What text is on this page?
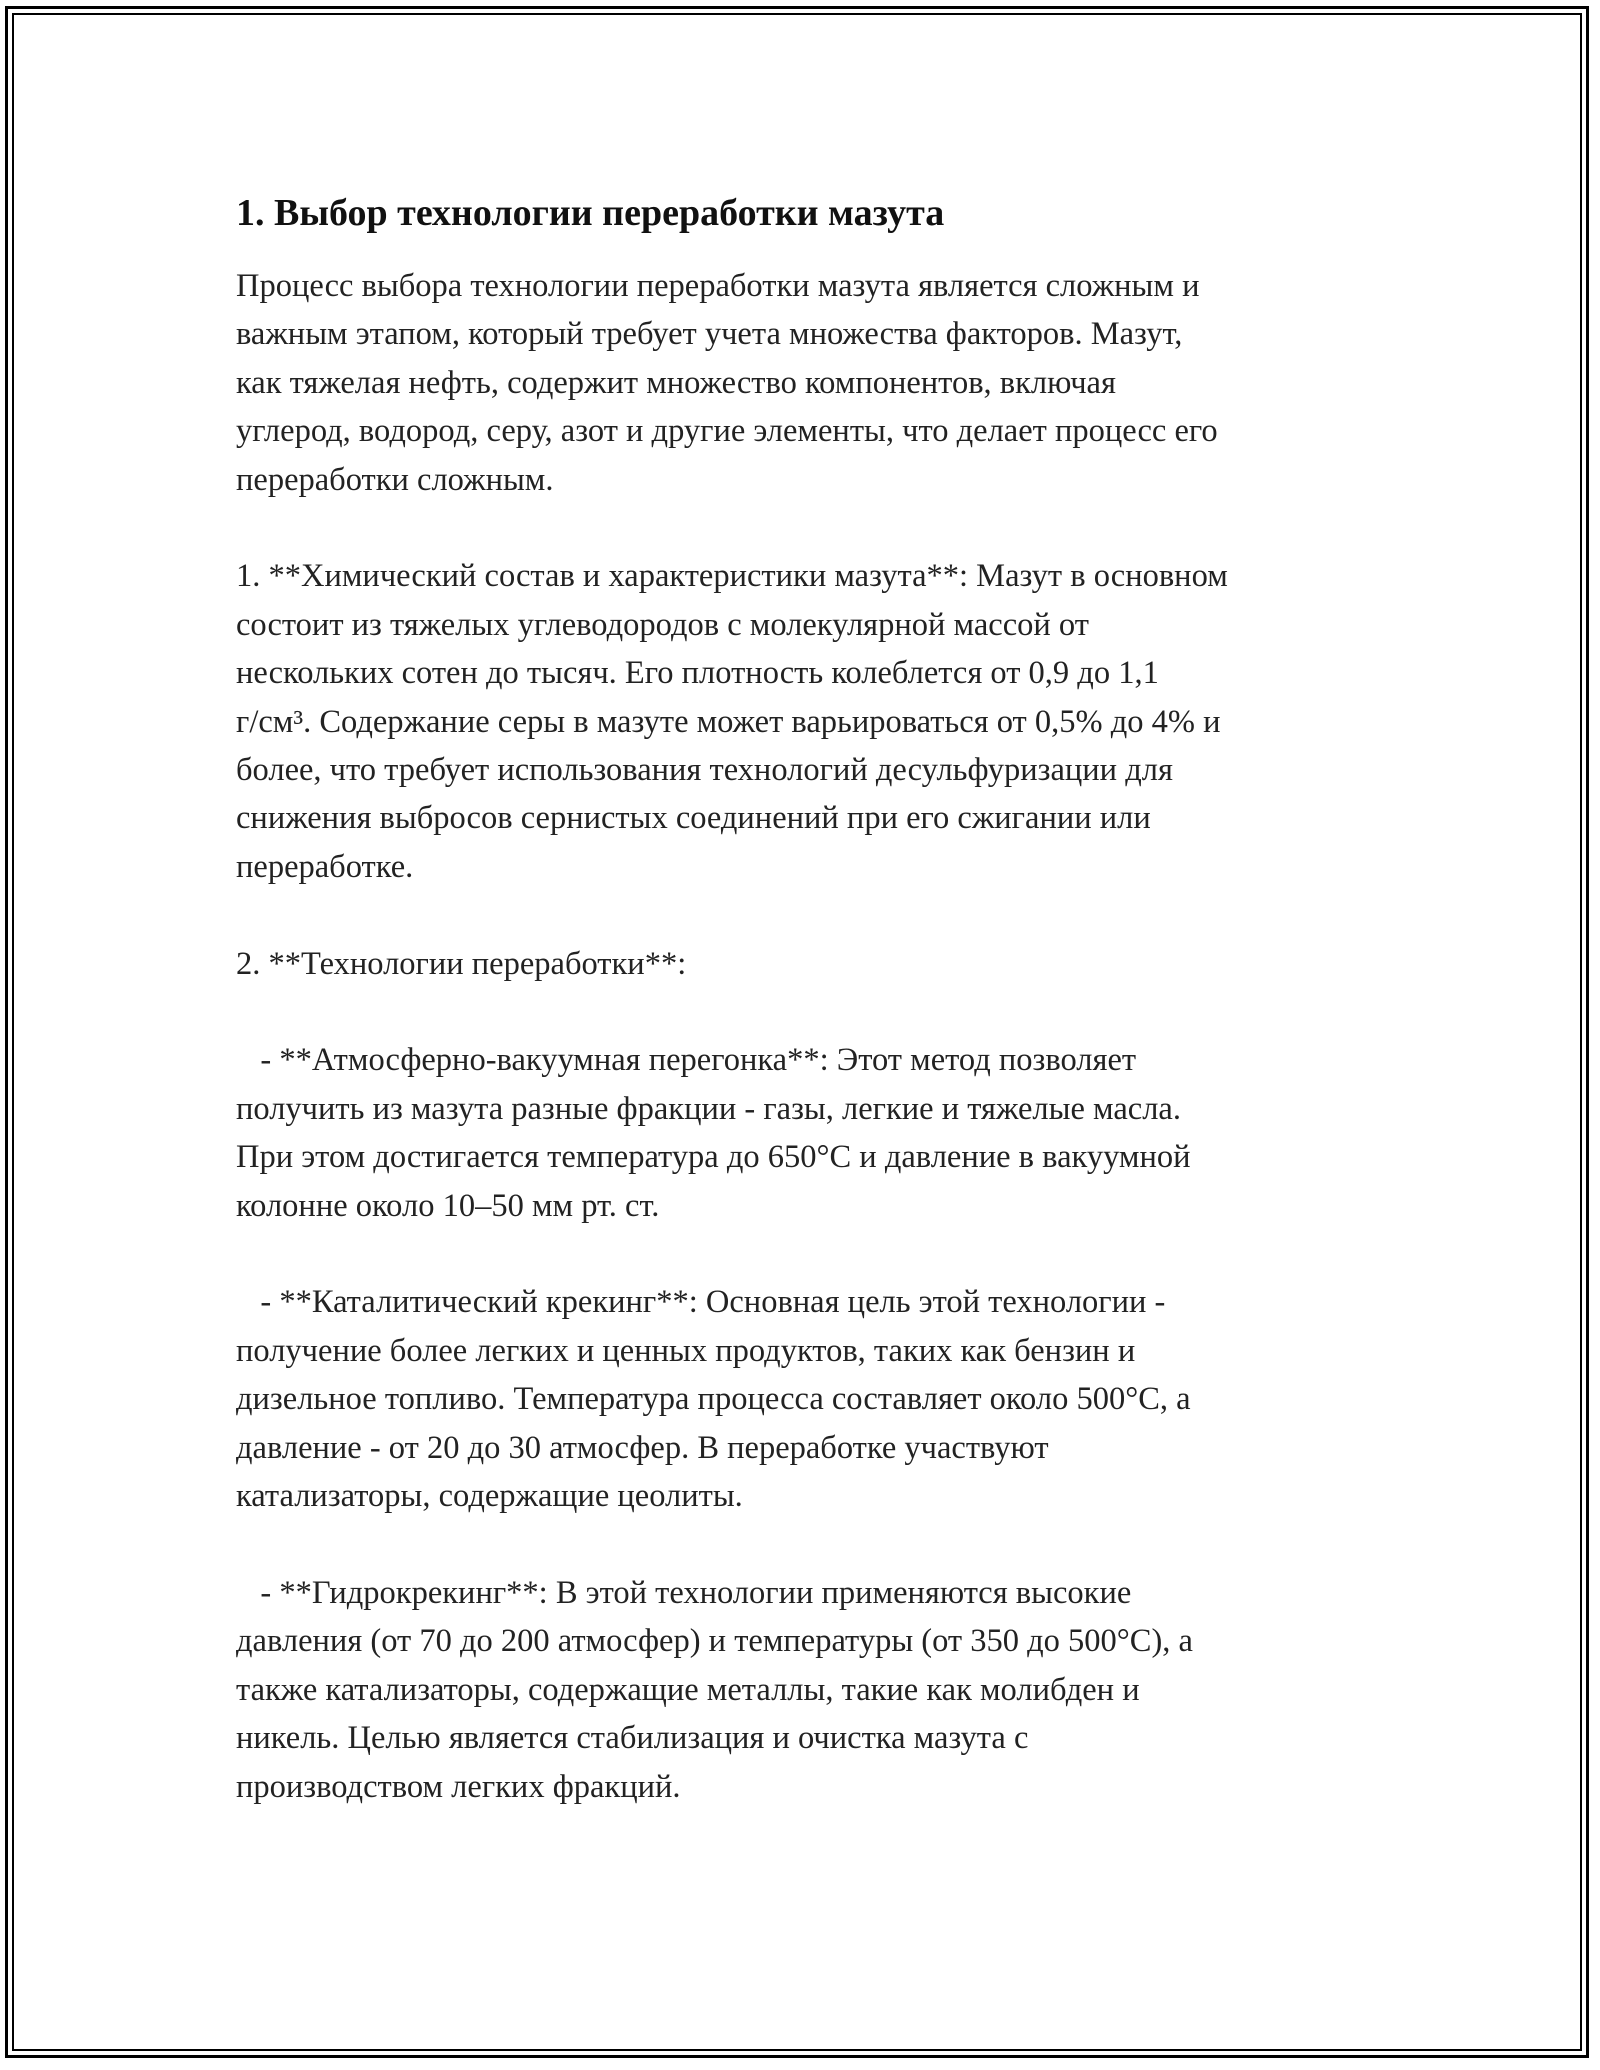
1. Выбор технологии переработки мазута

Процесс выбора технологии переработки мазута является сложным и
важным этапом, который требует учета множества факторов. Мазут,
как тяжелая нефть, содержит множество компонентов, включая
углерод, водород, серу, азот и другие элементы, что делает процесс его
переработки сложным.

1. **Химический состав и характеристики мазута**: Мазут в основном
состоит из тяжелых углеводородов с молекулярной массой от
нескольких сотен до тысяч. Его плотность колеблется от 0,9 до 1,1
г/см³. Содержание серы в мазуте может варьироваться от 0,5% до 4% и
более, что требует использования технологий десульфуризации для
снижения выбросов сернистых соединений при его сжигании или
переработке.

2. **Технологии переработки**:

- **Атмосферно-вакуумная перегонка**: Этот метод позволяет
получить из мазута разные фракции - газы, легкие и тяжелые масла.
При этом достигается температура до 650°C и давление в вакуумной
колонне около 10–50 мм рт. ст.

- **Каталитический крекинг**: Основная цель этой технологии -
получение более легких и ценных продуктов, таких как бензин и
дизельное топливо. Температура процесса составляет около 500°C, а
давление - от 20 до 30 атмосфер. В переработке участвуют
катализаторы, содержащие цеолиты.

- **Гидрокрекинг**: В этой технологии применяются высокие
давления (от 70 до 200 атмосфер) и температуры (от 350 до 500°C), а
также катализаторы, содержащие металлы, такие как молибден и
никель. Целью является стабилизация и очистка мазута с
производством легких фракций.
